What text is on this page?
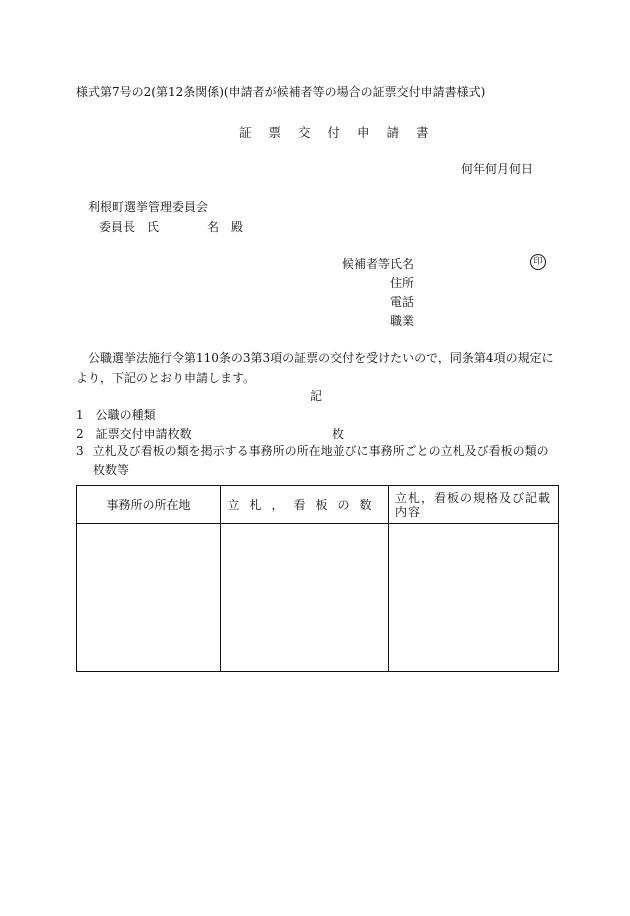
様式第7号の2(第12条関係)(申請者が候補者等の場合の証票交付申請書様式)
証票交付申請書
何年何月何日
利根町選挙管理委員会
委員長　氏　　　　名　殿
候補者等氏名	印
住所
電話
職業
公職選挙法施行令第110条の3第3項の証票の交付を受けたいので，同条第4項の規定により，下記のとおり申請します。
記
1 公職の種類
2 証票交付申請枚数	枚
3 立札及び看板の類を掲示する事務所の所在地並びに事務所ごとの立札及び看板の類の枚数等
事務所の所在地	立札，看板の数	立札，看板の規格及び記載内容
